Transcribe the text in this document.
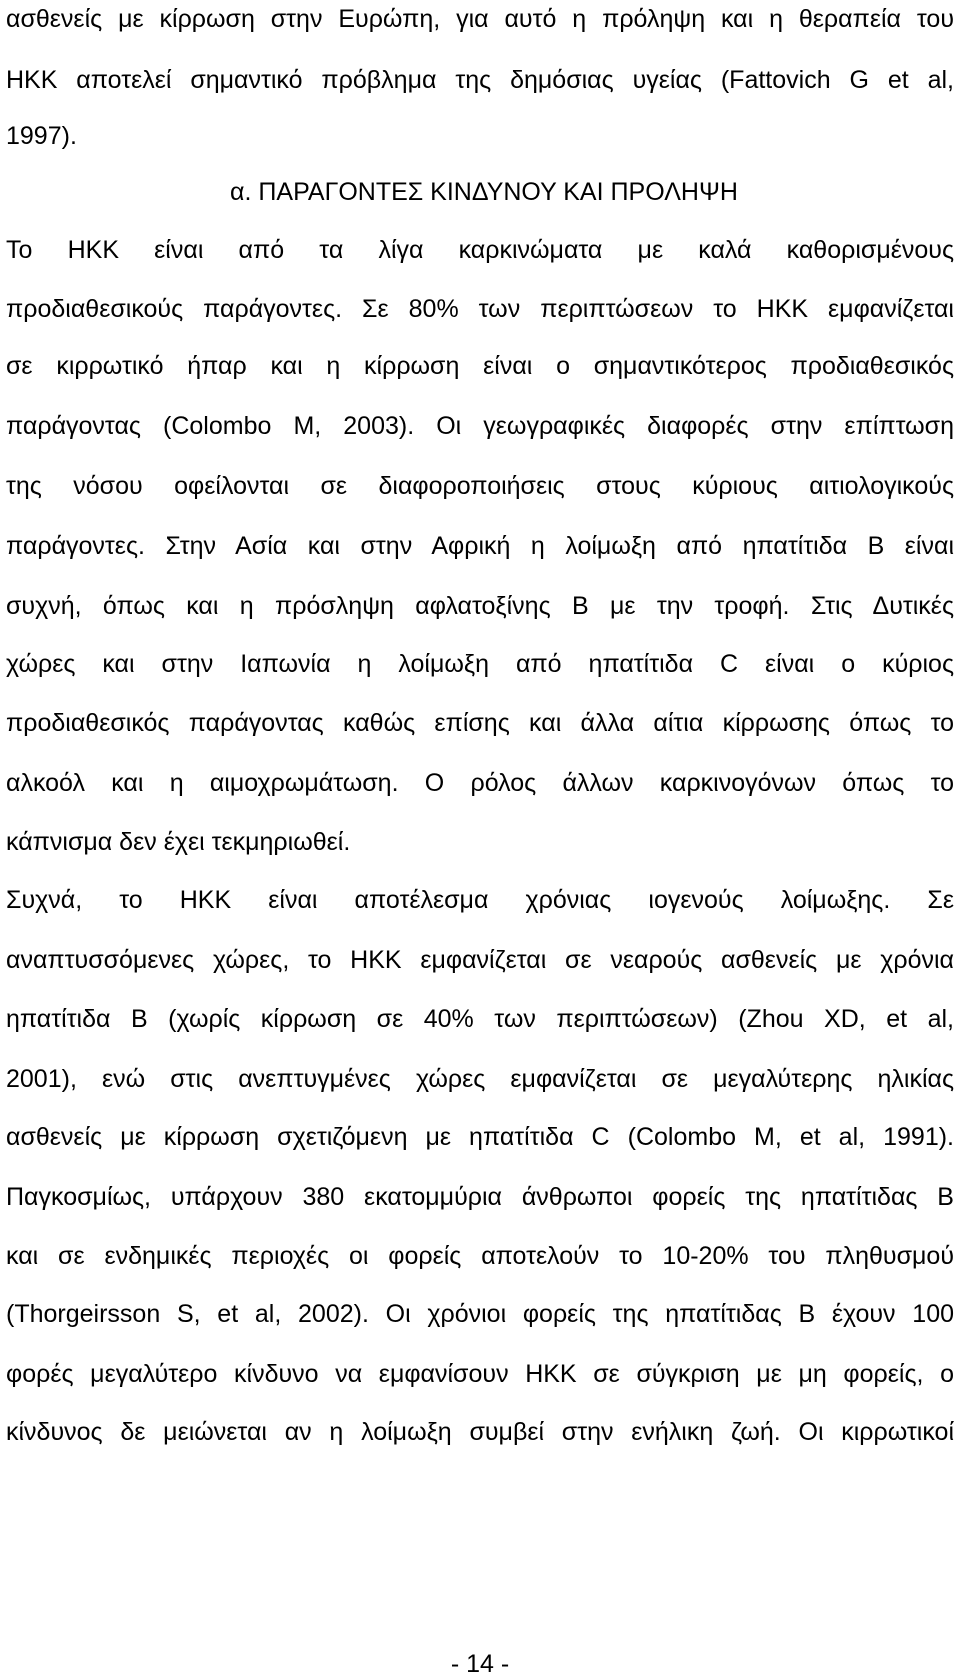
ασθενείς με κίρρωση στην Ευρώπη, για αυτό η πρόληψη και η θεραπεία του
ΗΚΚ αποτελεί σημαντικό πρόβλημα της δημόσιας υγείας (Fattovich G et al,
1997).
α. ΠΑΡΑΓΟΝΤΕΣ ΚΙΝΔΥΝΟΥ ΚΑΙ ΠΡΟΛΗΨΗ
Το ΗΚΚ είναι από τα λίγα καρκινώματα με καλά καθορισμένους
προδιαθεσικούς παράγοντες. Σε 80% των περιπτώσεων το ΗΚΚ εμφανίζεται
σε κιρρωτικό ήπαρ και η κίρρωση είναι ο σημαντικότερος προδιαθεσικός
παράγοντας (Colombo M, 2003). Οι γεωγραφικές διαφορές στην επίπτωση
της νόσου οφείλονται σε διαφοροποιήσεις στους κύριους αιτιολογικούς
παράγοντες. Στην Ασία και στην Αφρική η λοίμωξη από ηπατίτιδα Β είναι
συχνή, όπως και η πρόσληψη αφλατοξίνης Β με την τροφή. Στις Δυτικές
χώρες και στην Ιαπωνία η λοίμωξη από ηπατίτιδα C είναι ο κύριος
προδιαθεσικός παράγοντας καθώς επίσης και άλλα αίτια κίρρωσης όπως το
αλκοόλ και η αιμοχρωμάτωση. Ο ρόλος άλλων καρκινογόνων όπως το
κάπνισμα δεν έχει τεκμηριωθεί.
Συχνά, το ΗΚΚ είναι αποτέλεσμα χρόνιας ιογενούς λοίμωξης. Σε
αναπτυσσόμενες χώρες, το ΗΚΚ εμφανίζεται σε νεαρούς ασθενείς με χρόνια
ηπατίτιδα Β (χωρίς κίρρωση σε 40% των περιπτώσεων) (Zhou XD, et al,
2001), ενώ στις ανεπτυγμένες χώρες εμφανίζεται σε μεγαλύτερης ηλικίας
ασθενείς με κίρρωση σχετιζόμενη με ηπατίτιδα C (Colombo M, et al, 1991).
Παγκοσμίως, υπάρχουν 380 εκατομμύρια άνθρωποι φορείς της ηπατίτιδας Β
και σε ενδημικές περιοχές οι φορείς αποτελούν το 10-20% του πληθυσμού
(Thorgeirsson S, et al, 2002). Οι χρόνιοι φορείς της ηπατίτιδας Β έχουν 100
φορές μεγαλύτερο κίνδυνο να εμφανίσουν ΗΚΚ σε σύγκριση με μη φορείς, ο
κίνδυνος δε μειώνεται αν η λοίμωξη συμβεί στην ενήλικη ζωή. Οι κιρρωτικοί
- 14 -
